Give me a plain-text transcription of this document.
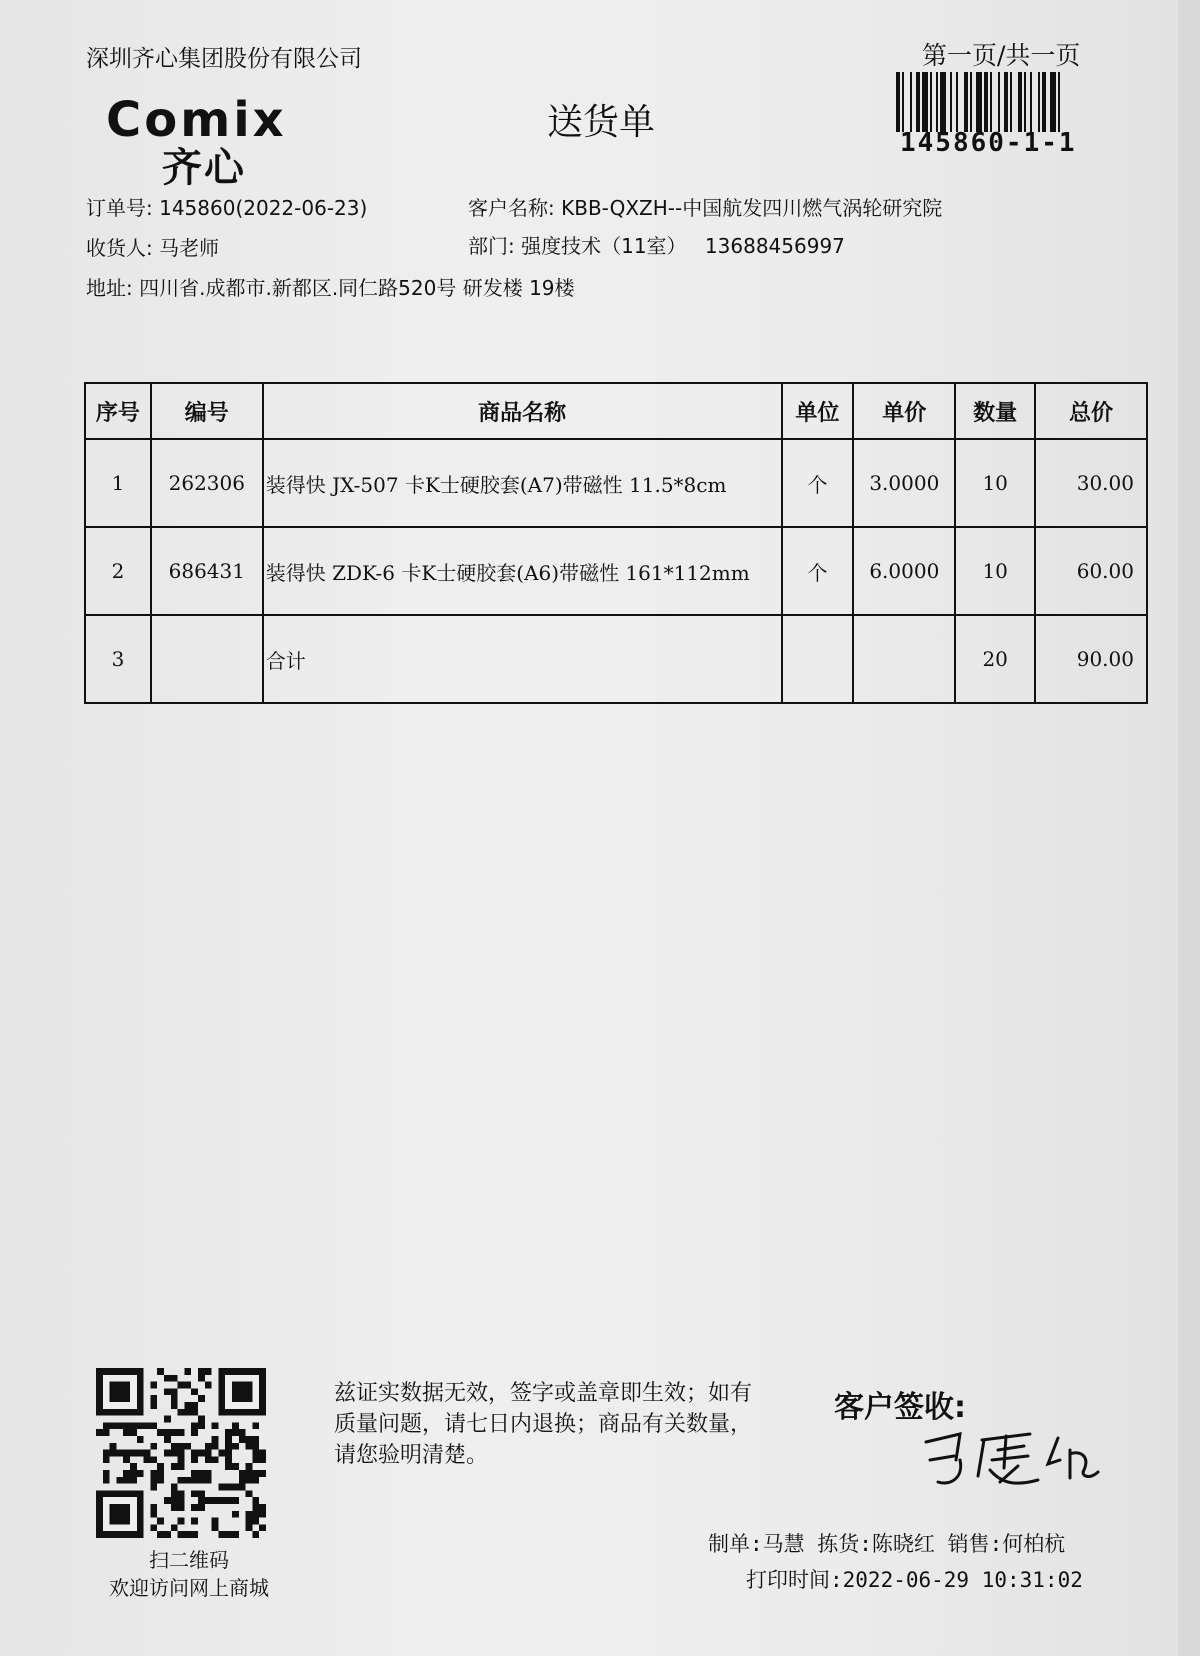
深圳齐心集团股份有限公司	第一页/共一页
Comix
齐心
送货单	145860-1-1
订单号: 145860(2022-06-23)	客户名称: KBB-QXZH--中国航发四川燃气涡轮研究院
收货人: 马老师	部门: 强度技术（11室） 13688456997
地址: 四川省.成都市.新都区.同仁路520号 研发楼 19楼
序号	编号	商品名称	单位	单价	数量	总价
1	262306	装得快 JX-507 卡K士硬胶套(A7)带磁性 11.5*8cm	个	3.0000	10	30.00
2	686431	装得快 ZDK-6 卡K士硬胶套(A6)带磁性 161*112mm	个	6.0000	10	60.00
3		合计			20	90.00
扫二维码
欢迎访问网上商城
兹证实数据无效，签字或盖章即生效；如有质量问题，请七日内退换；商品有关数量，请您验明清楚。
客户签收:
制单:马慧 拣货:陈晓红 销售:何柏杭
打印时间:2022-06-29 10:31:02
